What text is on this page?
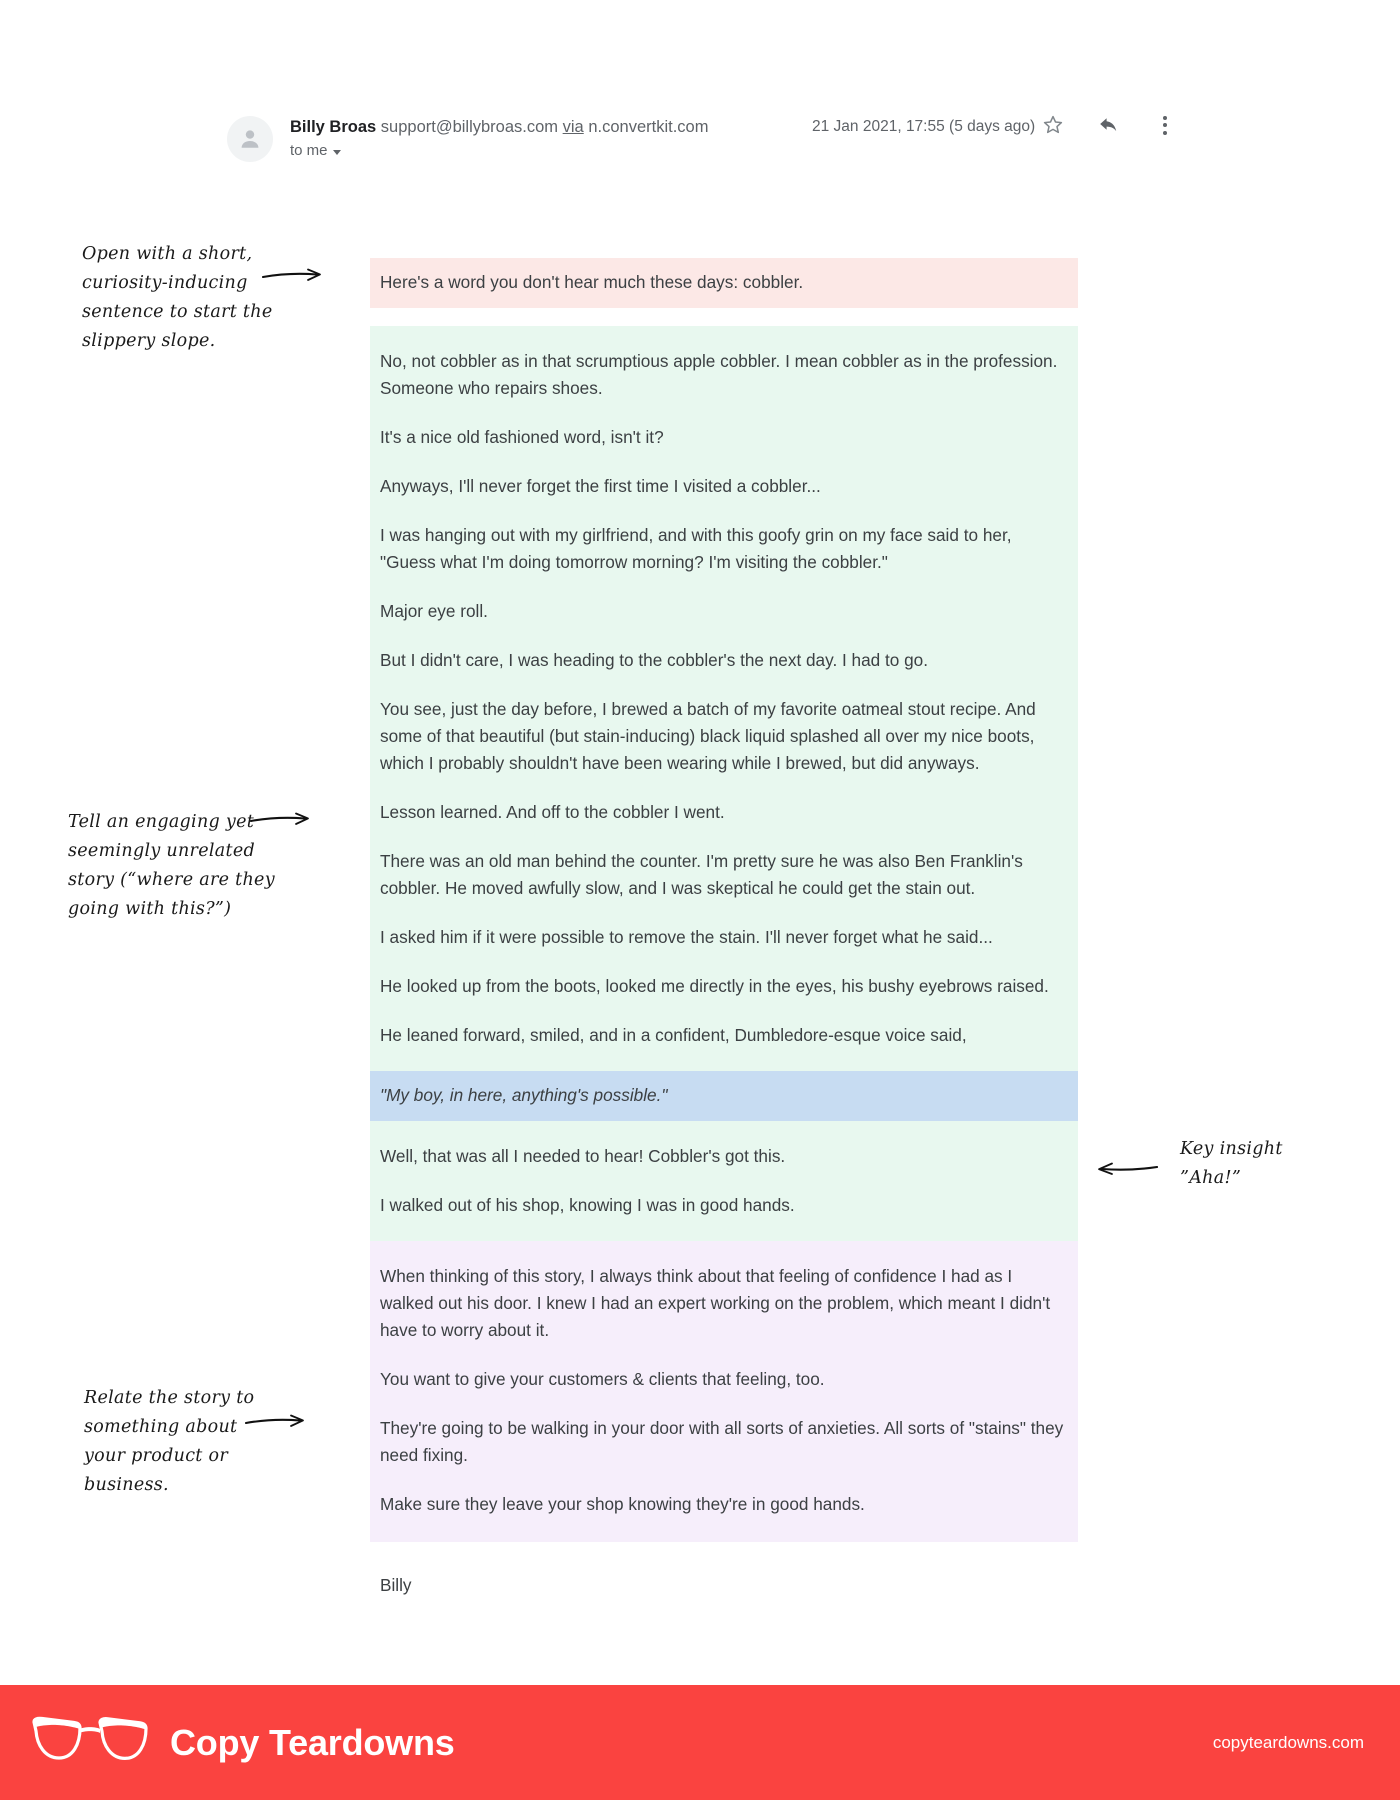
Billy Broas support@billybroas.com via n.convertkit.com
to me
21 Jan 2021, 17:55 (5 days ago)

Here's a word you don't hear much these days: cobbler.

No, not cobbler as in that scrumptious apple cobbler. I mean cobbler as in the profession. Someone who repairs shoes.

It's a nice old fashioned word, isn't it?

Anyways, I'll never forget the first time I visited a cobbler...

I was hanging out with my girlfriend, and with this goofy grin on my face said to her, "Guess what I'm doing tomorrow morning? I'm visiting the cobbler."

Major eye roll.

But I didn't care, I was heading to the cobbler's the next day. I had to go.

You see, just the day before, I brewed a batch of my favorite oatmeal stout recipe. And some of that beautiful (but stain-inducing) black liquid splashed all over my nice boots, which I probably shouldn't have been wearing while I brewed, but did anyways.

Lesson learned. And off to the cobbler I went.

There was an old man behind the counter. I'm pretty sure he was also Ben Franklin's cobbler. He moved awfully slow, and I was skeptical he could get the stain out.

I asked him if it were possible to remove the stain. I'll never forget what he said...

He looked up from the boots, looked me directly in the eyes, his bushy eyebrows raised.

He leaned forward, smiled, and in a confident, Dumbledore-esque voice said,

"My boy, in here, anything's possible."

Well, that was all I needed to hear! Cobbler's got this.

I walked out of his shop, knowing I was in good hands.

When thinking of this story, I always think about that feeling of confidence I had as I walked out his door. I knew I had an expert working on the problem, which meant I didn't have to worry about it.

You want to give your customers & clients that feeling, too.

They're going to be walking in your door with all sorts of anxieties. All sorts of "stains" they need fixing.

Make sure they leave your shop knowing they're in good hands.

Billy
Open with a short, curiosity-inducing sentence to start the slippery slope.
Tell an engaging yet seemingly unrelated story (“where are they going with this?”)
Relate the story to something about your product or business.
Key insight ”Aha!”
Copy Teardowns	copyteardowns.com
